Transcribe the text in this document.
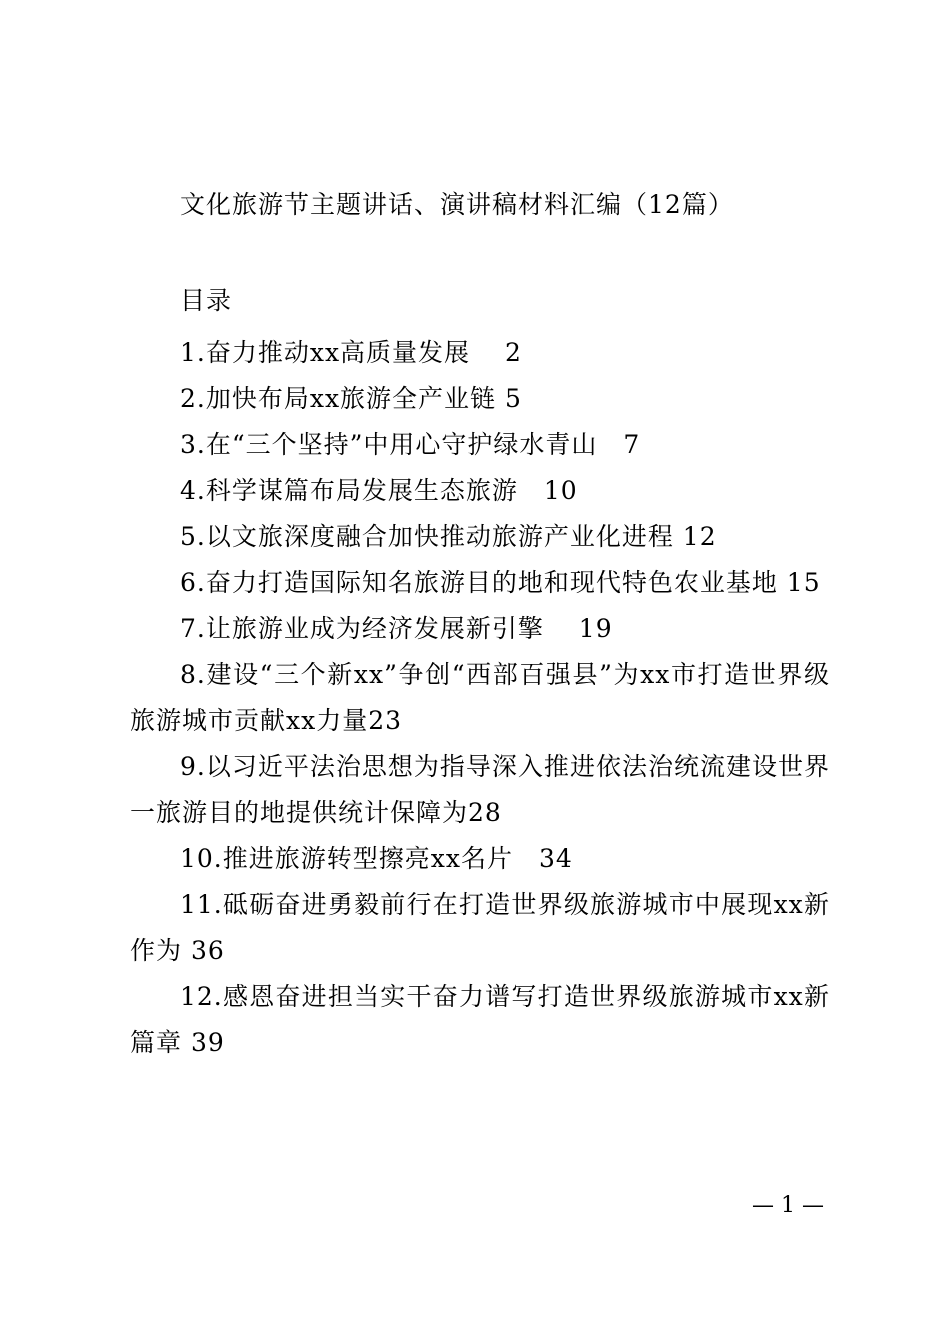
文化旅游节主题讲话、演讲稿材料汇编（12篇）
目录
1.奋力推动xx高质量发展　 2
2.加快布局xx旅游全产业链 5
3.在“三个坚持”中用心守护绿水青山　7
4.科学谋篇布局发展生态旅游　10
5.以文旅深度融合加快推动旅游产业化进程 12
6.奋力打造国际知名旅游目的地和现代特色农业基地 15
7.让旅游业成为经济发展新引擎　 19
8.建设“三个新xx”争创“西部百强县”为xx市打造世界级旅游城市贡献xx力量23
9.以习近平法治思想为指导深入推进依法治统流建设世界一旅游目的地提供统计保障为28
10.推进旅游转型擦亮xx名片　34
11.砥砺奋进勇毅前行在打造世界级旅游城市中展现xx新作为 36
12.感恩奋进担当实干奋力谱写打造世界级旅游城市xx新篇章 39
— 1 —
